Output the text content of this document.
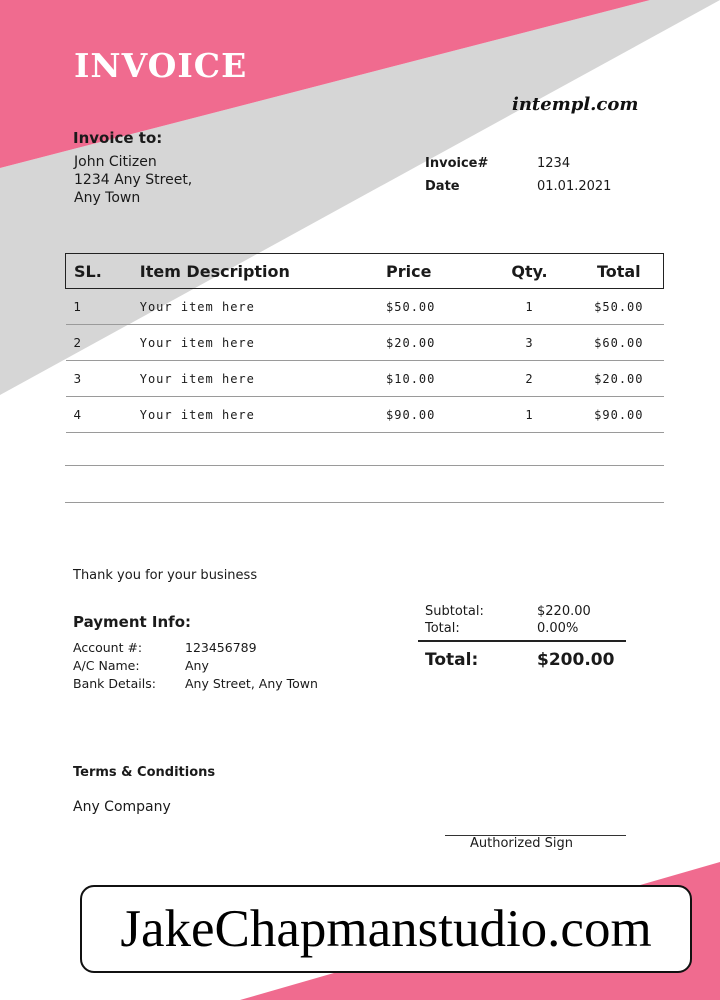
INVOICE
intempl.com
Invoice to:
John Citizen
1234 Any Street,
Any Town
Invoice#	1234
Date	01.01.2021
SL.	Item Description	Price	Qty.	Total
1	Your item here	$50.00	1	$50.00
2	Your item here	$20.00	3	$60.00
3	Your item here	$10.00	2	$20.00
4	Your item here	$90.00	1	$90.00
Thank you for your business
Payment Info:
Account #:	123456789
A/C Name:	Any
Bank Details: Any Street, Any Town
Subtotal:	$220.00
Total:	0.00%
Total:	$200.00
Terms & Conditions
Any Company
Authorized Sign
JakeChapmanstudio.com
